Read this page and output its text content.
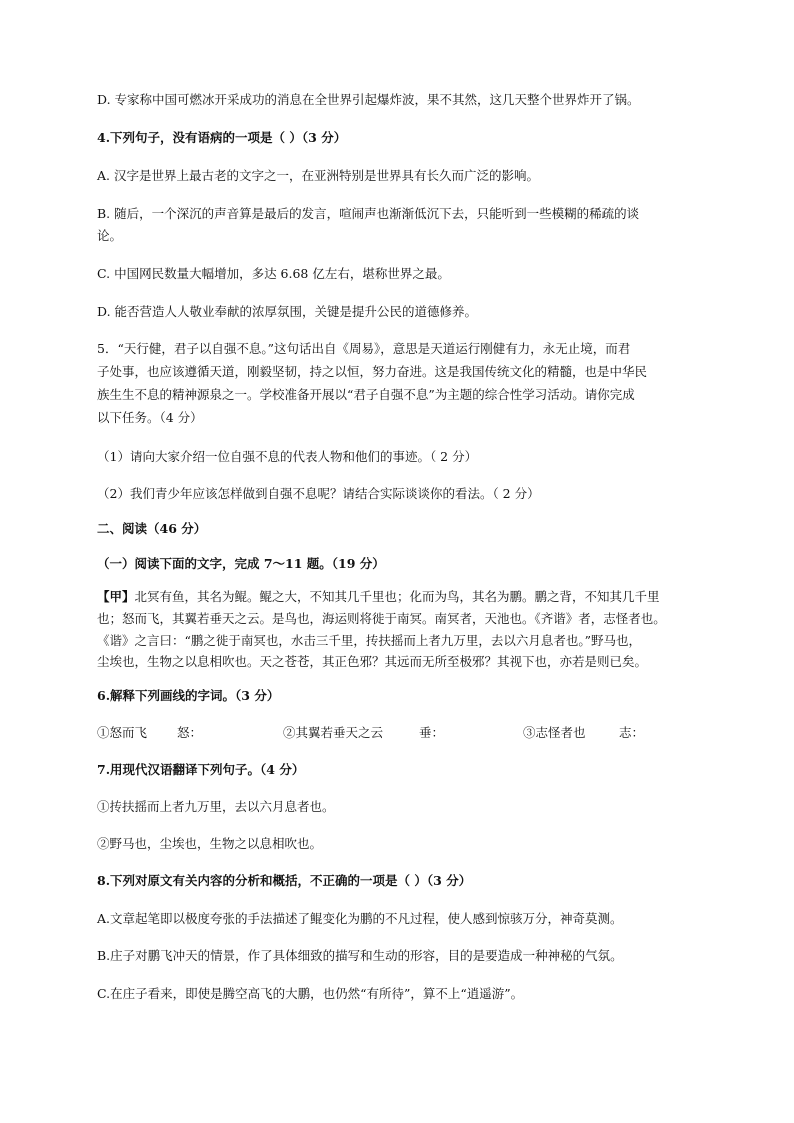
D. 专家称中国可燃冰开采成功的消息在全世界引起爆炸波，果不其然，这几天整个世界炸开了锅。
4.下列句子，没有语病的一项是（ ）（3 分）
A. 汉字是世界上最古老的文字之一，在亚洲特别是世界具有长久而广泛的影响。
B. 随后，一个深沉的声音算是最后的发言，喧闹声也渐渐低沉下去，只能听到一些模糊的稀疏的谈
论。
C. 中国网民数量大幅增加，多达 6.68 亿左右，堪称世界之最。
D. 能否营造人人敬业奉献的浓厚氛围，关键是提升公民的道德修养。
5．“天行健，君子以自强不息。”这句话出自《周易》，意思是天道运行刚健有力，永无止境，而君
子处事，也应该遵循天道，刚毅坚韧，持之以恒，努力奋进。这是我国传统文化的精髓，也是中华民
族生生不息的精神源泉之一。学校准备开展以“君子自强不息”为主题的综合性学习活动。请你完成
以下任务。（4 分）
（1）请向大家介绍一位自强不息的代表人物和他们的事迹。（ 2 分）
（2）我们青少年应该怎样做到自强不息呢？请结合实际谈谈你的看法。（ 2 分）
二、阅读（46 分）
（一）阅读下面的文字，完成 7～11 题。（19 分）
【甲】北冥有鱼，其名为鲲。鲲之大，不知其几千里也；化而为鸟，其名为鹏。鹏之背，不知其几千里
也；怒而飞，其翼若垂天之云。是鸟也，海运则将徙于南冥。南冥者，天池也。《齐谐》者，志怪者也。
《谐》之言曰：“鹏之徙于南冥也，水击三千里，抟扶摇而上者九万里，去以六月息者也。”野马也，
尘埃也，生物之以息相吹也。天之苍苍，其正色邪？其远而无所至极邪？其视下也，亦若是则已矣。
6.解释下列画线的字词。（3 分）
①怒而飞 怒：	②其翼若垂天之云	垂：	③志怪者也	志：
7.用现代汉语翻译下列句子。（4 分）
①抟扶摇而上者九万里，去以六月息者也。
②野马也，尘埃也，生物之以息相吹也。
8.下列对原文有关内容的分析和概括，不正确的一项是（ ）（3 分）
A.文章起笔即以极度夸张的手法描述了鲲变化为鹏的不凡过程，使人感到惊骇万分，神奇莫测。
B.庄子对鹏飞冲天的情景，作了具体细致的描写和生动的形容，目的是要造成一种神秘的气氛。
C.在庄子看来，即使是腾空高飞的大鹏，也仍然“有所待”，算不上“逍遥游”。
